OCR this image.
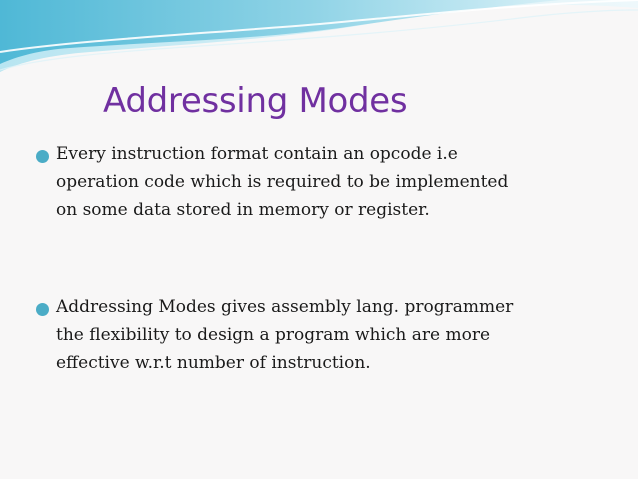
Addressing Modes

Every instruction format contain an opcode i.e
operation code which is required to be implemented
on some data stored in memory or register.

Addressing Modes gives assembly lang. programmer
the flexibility to design a program which are more
effective w.r.t number of instruction.
